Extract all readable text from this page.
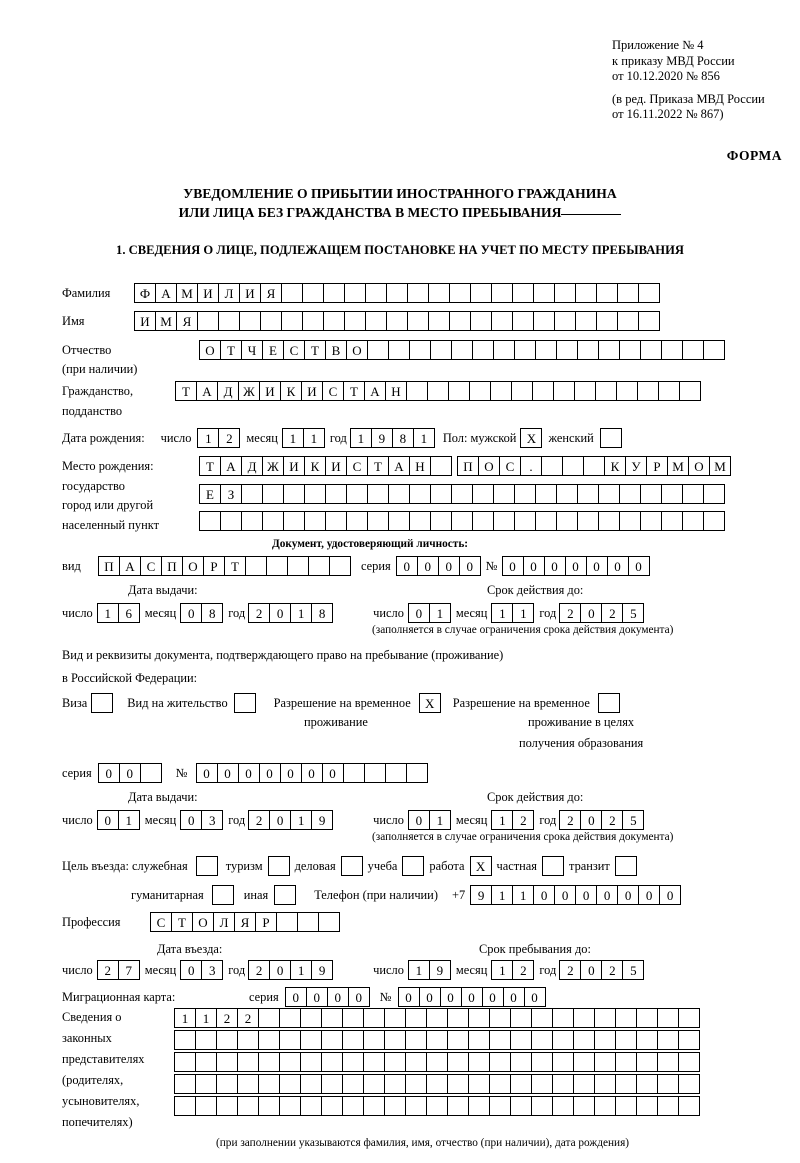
Приложение № 4
к приказу МВД России
от 10.12.2020 № 856
(в ред. Приказа МВД России
от 16.11.2022 № 867)
ФОРМА
УВЕДОМЛЕНИЕ О ПРИБЫТИИ ИНОСТРАННОГО ГРАЖДАНИНА
ИЛИ ЛИЦА БЕЗ ГРАЖДАНСТВА В МЕСТО ПРЕБЫВАНИЯ
1. СВЕДЕНИЯ О ЛИЦЕ, ПОДЛЕЖАЩЕМ ПОСТАНОВКЕ НА УЧЕТ ПО МЕСТУ ПРЕБЫВАНИЯ
Фамилия	Ф А М И Л И Я
Имя	И М Я
Отчество	О Т Ч Е С Т В О
(при наличии)
Гражданство,	Т А Д Ж И К И С Т А Н
подданство
Дата рождения: число	1	2	месяц 1	1	год 1	9	8	1	Пол: мужской X женский
Место рождения:	Т А Д Ж И К И С Т А Н	П О С	.	К У Р М О М
государство
Е	З
город или другой
населенный пункт
Документ, удостоверяющий личность:
вид	П А С П О Р	Т	серия 0	0	0	0	№ 0	0	0	0	0	0	0
Дата выдачи:	Срок действия до:
число 1	6	месяц 0	8	год 2	0	1	8	число 0	1	месяц 1	1	год 2	0	2	5
(заполняется в случае ограничения срока действия документа)
Вид и реквизиты документа, подтверждающего право на пребывание (проживание)
в Российской Федерации:
Виза	Вид на жительство	Разрешение на временное	X	Разрешение на временное
проживание	проживание в целях
получения образования
серия	0	0	№	0	0	0	0	0	0	0
Дата выдачи:	Срок действия до:
число 0	1	месяц 0	3	год 2	0	1	9	число 0	1	месяц 1	2	год 2	0	2	5
(заполняется в случае ограничения срока действия документа)
Цель въезда: служебная	туризм	деловая	учеба	работа X частная	транзит
гуманитарная	иная	Телефон (при наличии) +7 9	1	1	0	0	0	0	0	0	0
Профессия	С Т О Л Я	Р
Дата въезда:	Срок пребывания до:
число 2	7	месяц 0	3	год 2	0	1	9	число 1	9	месяц 1	2	год 2	0	2	5
Миграционная карта:	серия	0	0	0	0	№	0	0	0	0	0	0	0
Сведения о
законных
представителях
(родителях,
усыновителях,
попечителях)
1	1	2	2
(при заполнении указываются фамилия, имя, отчество (при наличии), дата рождения)
